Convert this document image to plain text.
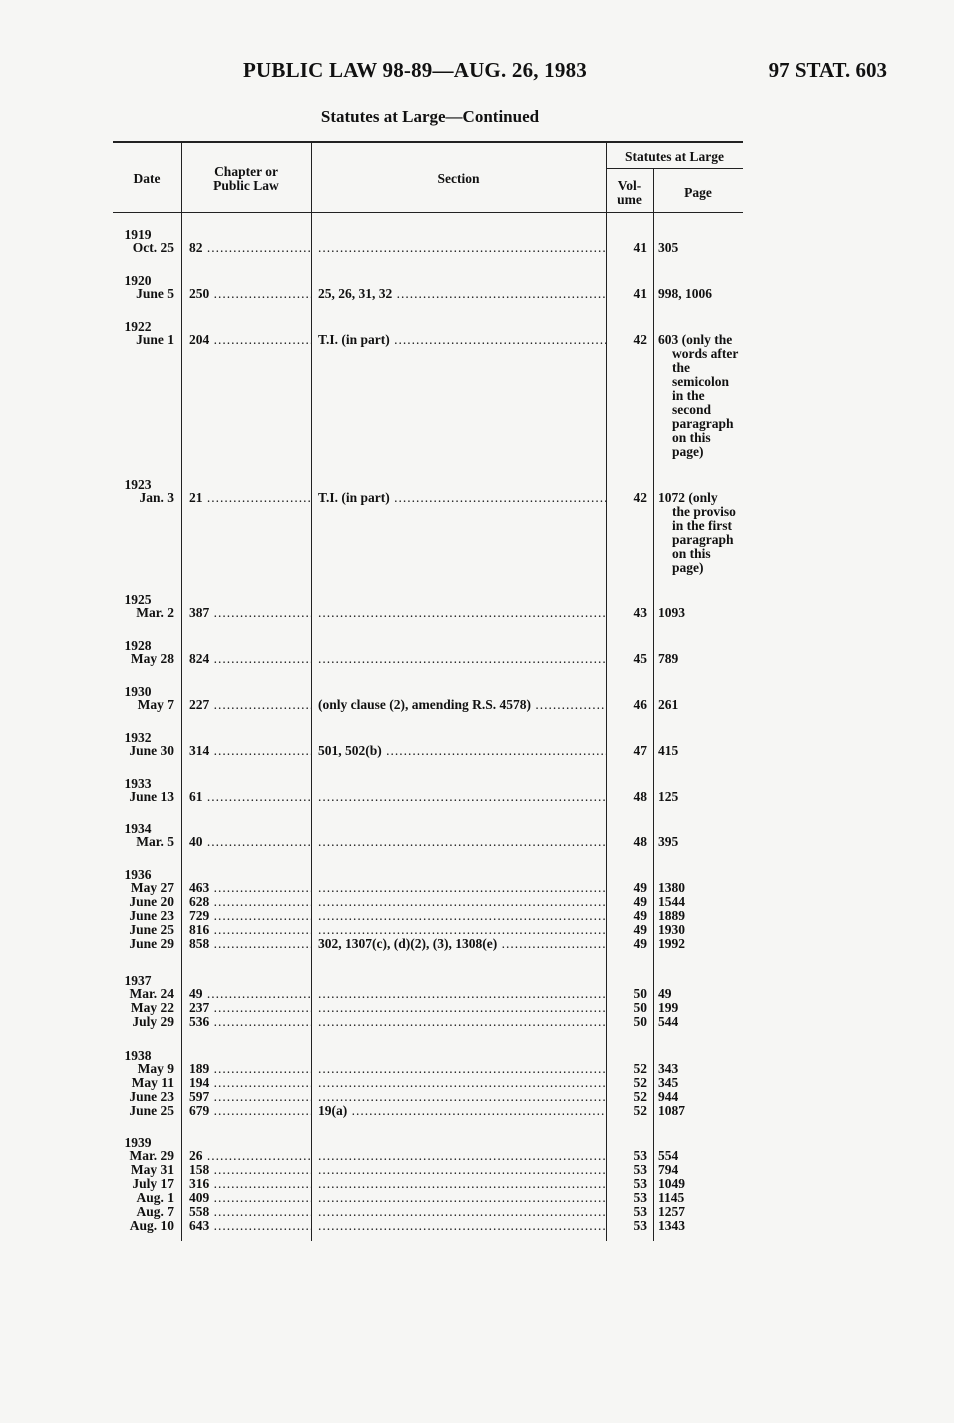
PUBLIC LAW 98-89—AUG. 26, 1983	97 STAT. 603
Statutes at Large—Continued
Date	Chapter or
Public Law	Section
Statutes at Large
Vol-
ume	Page
1919
Oct. 25 82 ..... .....	41 305
1920
June 5 250 .....	25, 26, 31, 32 .....	41 998, 1006
1922
June 1 204 .....	T.I. (in part) .....	42 603 (only the
words after
the
semicolon
in the
second
paragraph
on this
page)
1923
Jan. 3 21 .....	T.I. (in part) .....	42 1072 (only
the proviso
in the first
paragraph
on this
page)
1925
Mar. 2 387 ..... .....	43 1093
1928
May 28 824 ..... .....	45 789
1930
May 7 227 .....	(only clause (2), amending R.S. 4578) .....	46 261
1932
June 30 314 .....	501, 502(b) .....	47 415
1933
June 13 61 ..... .....	48 125
1934
Mar. 5 40 ..... .....	48 395
1936
May 27 463 ..... .....	49 1380
June 20 628 ..... .....	49 1544
June 23 729 ..... .....	49 1889
June 25 816 ..... .....	49 1930
June 29 858 .....	302, 1307(c), (d)(2), (3), 1308(e) .....	49 1992
1937
Mar. 24 49 ..... .....	50 49
May 22 237 ..... .....	50 199
July 29 536 ..... .....	50 544
1938
May 9 189 ..... .....	52 343
May 11 194 ..... .....	52 345
June 23 597 ..... .....	52 944
June 25 679 .....	19(a) .....	52 1087
1939
Mar. 29 26 ..... .....	53 554
May 31 158 ..... .....	53 794
July 17 316 ..... .....	53 1049
Aug. 1 409 ..... .....	53 1145
Aug. 7 558 ..... .....	53 1257
Aug. 10 643 ..... .....	53 1343
